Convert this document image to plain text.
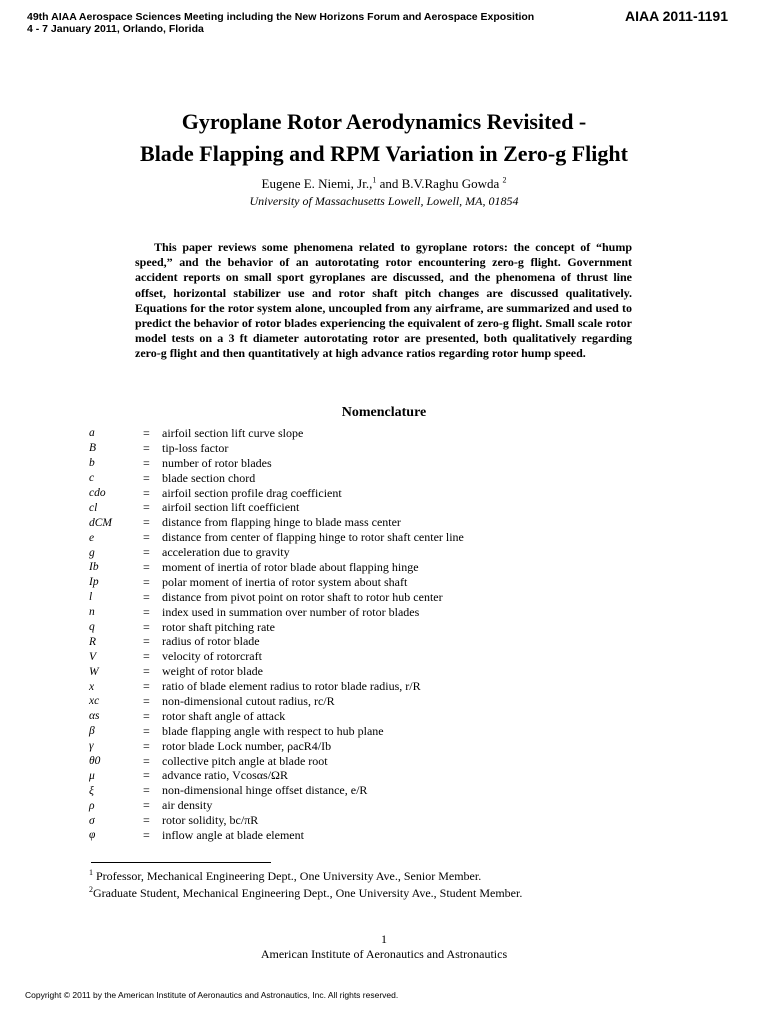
49th AIAA Aerospace Sciences Meeting including the New Horizons Forum and Aerospace Exposition
4 - 7 January 2011, Orlando, Florida
AIAA 2011-1191
Gyroplane Rotor Aerodynamics Revisited -
Blade Flapping and RPM Variation in Zero-g Flight
Eugene E. Niemi, Jr.,$^1$ and B.V.Raghu Gowda $^2$
University of Massachusetts Lowell, Lowell, MA, 01854

This paper reviews some phenomena related to gyroplane rotors: the concept of “hump speed,” and the behavior of an autorotating rotor encountering zero-g flight. Government accident reports on small sport gyroplanes are discussed, and the phenomena of thrust line offset, horizontal stabilizer use and rotor shaft pitch changes are discussed qualitatively. Equations for the rotor system alone, uncoupled from any airframe, are summarized and used to predict the behavior of rotor blades experiencing the equivalent of zero-g flight. Small scale rotor model tests on a 3 ft diameter autorotating rotor are presented, both qualitatively regarding zero-g flight and then quantitatively at high advance ratios regarding rotor hump speed.

Nomenclature
a	=	airfoil section lift curve slope
B	=	tip-loss factor
b	=	number of rotor blades
c	=	blade section chord
cdo	=	airfoil section profile drag coefficient
cl	=	airfoil section lift coefficient
dCM	=	distance from flapping hinge to blade mass center
e	=	distance from center of flapping hinge to rotor shaft center line
g	=	acceleration due to gravity
Ib	=	moment of inertia of rotor blade about flapping hinge
Ip	=	polar moment of inertia of rotor system about shaft
l	=	distance from pivot point on rotor shaft to rotor hub center
n	=	index used in summation over number of rotor blades
q	=	rotor shaft pitching rate
R	=	radius of rotor blade
V	=	velocity of rotorcraft
W	=	weight of rotor blade
x	=	ratio of blade element radius to rotor blade radius, r/R
xc	=	non-dimensional cutout radius, rc/R
αs	=	rotor shaft angle of attack
β	=	blade flapping angle with respect to hub plane
γ	=	rotor blade Lock number, ρacR4/Ib
θ0	=	collective pitch angle at blade root
μ	=	advance ratio, Vcosαs/ΩR
ξ	=	non-dimensional hinge offset distance, e/R
ρ	=	air density
σ	=	rotor solidity, bc/πR
φ	=	inflow angle at blade element
$^1$ Professor, Mechanical Engineering Dept., One University Ave., Senior Member.
$^2$Graduate Student, Mechanical Engineering Dept., One University Ave., Student Member.
1
American Institute of Aeronautics and Astronautics
Copyright © 2011 by the American Institute of Aeronautics and Astronautics, Inc. All rights reserved.
